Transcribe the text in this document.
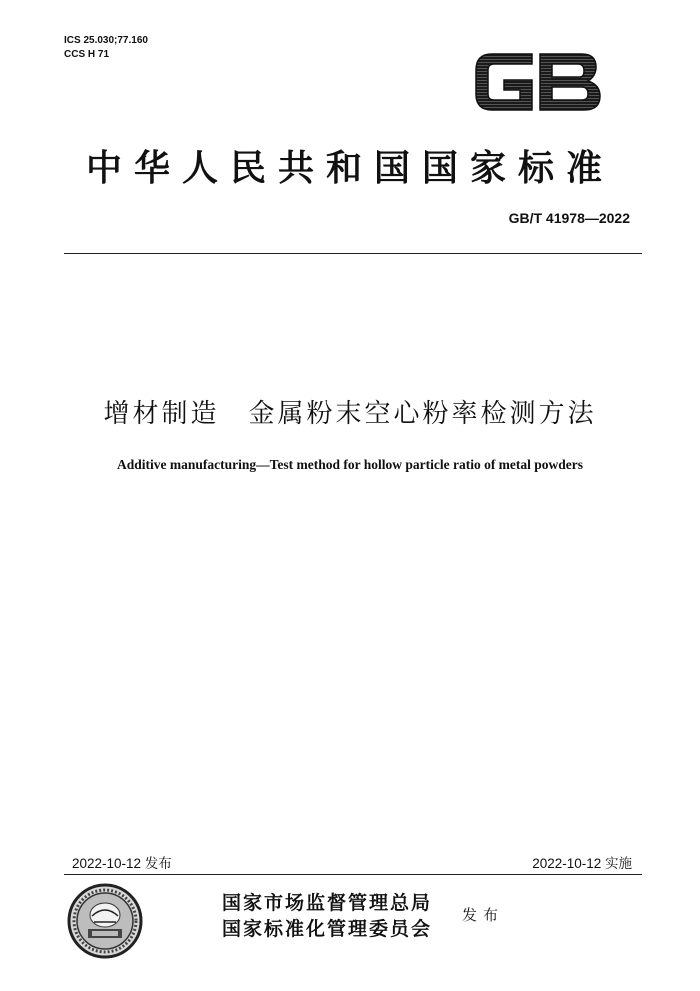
ICS 25.030;77.160
CCS H 71
中华人民共和国国家标准
GB/T 41978—2022
增材制造　金属粉末空心粉率检测方法
Additive manufacturing—Test method for hollow particle ratio of metal powders
2022-10-12 发布	2022-10-12 实施
国家市场监督管理总局
国家标准化管理委员会
发布
